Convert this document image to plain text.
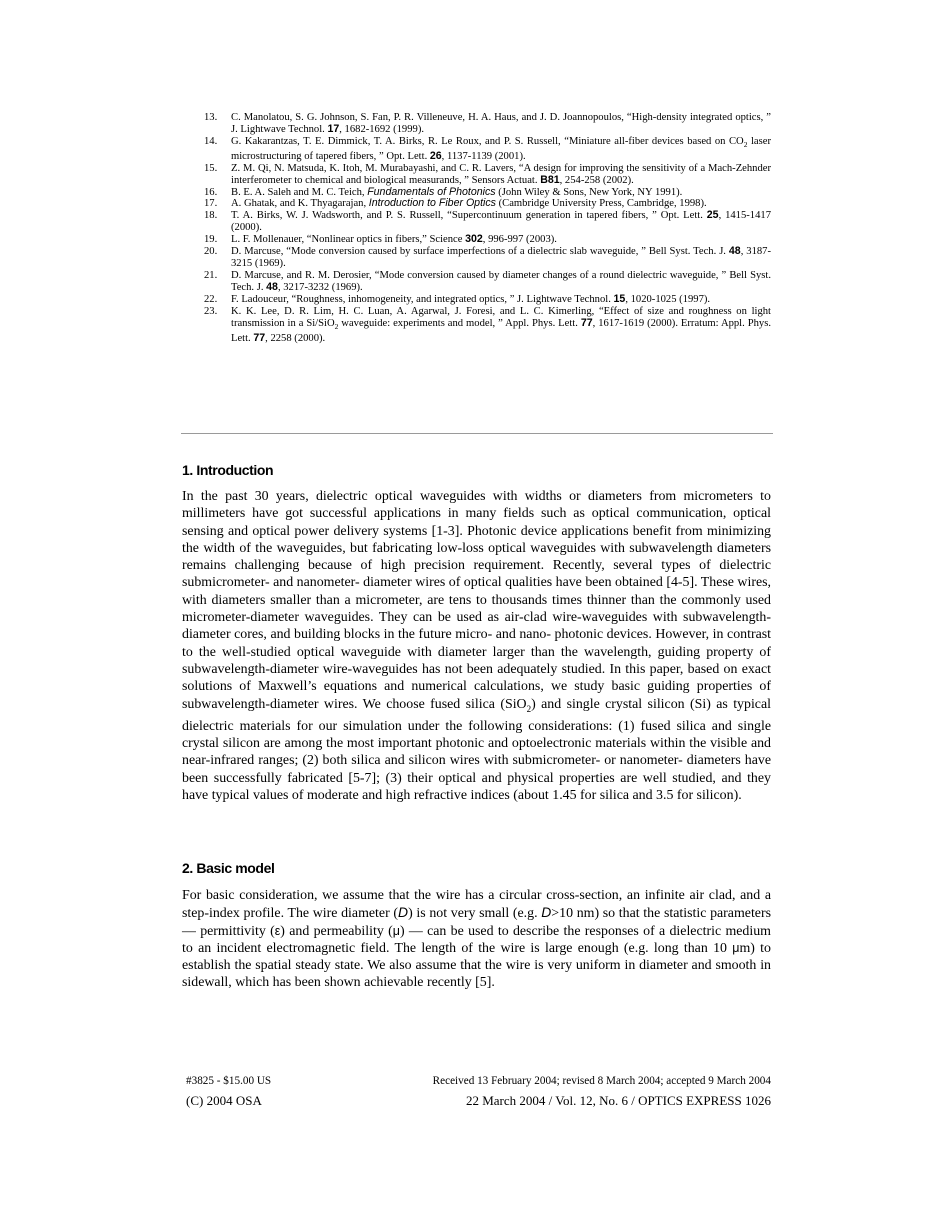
13.	C. Manolatou, S. G. Johnson, S. Fan, P. R. Villeneuve, H. A. Haus, and J. D. Joannopoulos, “High-density integrated optics, ” J. Lightwave Technol. 17, 1682-1692 (1999).
14.	G. Kakarantzas, T. E. Dimmick, T. A. Birks, R. Le Roux, and P. S. Russell, “Miniature all-fiber devices based on $CO_2$ laser microstructuring of tapered fibers, ” Opt. Lett. 26, 1137-1139 (2001).
15.	Z. M. Qi, N. Matsuda, K. Itoh, M. Murabayashi, and C. R. Lavers, “A design for improving the sensitivity of a Mach-Zehnder interferometer to chemical and biological measurands, ” Sensors Actuat. B81, 254-258 (2002).
16.	B. E. A. Saleh and M. C. Teich, Fundamentals of Photonics (John Wiley & Sons, New York, NY 1991).
17.	A. Ghatak, and K. Thyagarajan, Introduction to Fiber Optics (Cambridge University Press, Cambridge, 1998).
18.	T. A. Birks, W. J. Wadsworth, and P. S. Russell, “Supercontinuum generation in tapered fibers, ” Opt. Lett. 25, 1415-1417 (2000).
19.	L. F. Mollenauer, “Nonlinear optics in fibers,” Science 302, 996-997 (2003).
20.	D. Marcuse, “Mode conversion caused by surface imperfections of a dielectric slab waveguide, ” Bell Syst. Tech. J. 48, 3187-3215 (1969).
21.	D. Marcuse, and R. M. Derosier, “Mode conversion caused by diameter changes of a round dielectric waveguide, ” Bell Syst. Tech. J. 48, 3217-3232 (1969).
22.	F. Ladouceur, “Roughness, inhomogeneity, and integrated optics, ” J. Lightwave Technol. 15, 1020-1025 (1997).
23.	K. K. Lee, D. R. Lim, H. C. Luan, A. Agarwal, J. Foresi, and L. C. Kimerling, “Effect of size and roughness on light transmission in a Si/SiO$_2$ waveguide: experiments and model, ” Appl. Phys. Lett. 77, 1617-1619 (2000). Erratum: Appl. Phys. Lett. 77, 2258 (2000).
1. Introduction
In the past 30 years, dielectric optical waveguides with widths or diameters from micrometers to millimeters have got successful applications in many fields such as optical communication, optical sensing and optical power delivery systems [1-3]. Photonic device applications benefit from minimizing the width of the waveguides, but fabricating low-loss optical waveguides with subwavelength diameters remains challenging because of high precision requirement. Recently, several types of dielectric submicrometer- and nanometer- diameter wires of optical qualities have been obtained [4-5]. These wires, with diameters smaller than a micrometer, are tens to thousands times thinner than the commonly used micrometer-diameter waveguides. They can be used as air-clad wire-waveguides with subwavelength-diameter cores, and building blocks in the future micro- and nano- photonic devices. However, in contrast to the well-studied optical waveguide with diameter larger than the wavelength, guiding property of subwavelength-diameter wire-waveguides has not been adequately studied. In this paper, based on exact solutions of Maxwell’s equations and numerical calculations, we study basic guiding properties of subwavelength-diameter wires. We choose fused silica (SiO$_2$) and single crystal silicon (Si) as typical dielectric materials for our simulation under the following considerations: (1) fused silica and single crystal silicon are among the most important photonic and optoelectronic materials within the visible and near-infrared ranges; (2) both silica and silicon wires with submicrometer- or nanometer- diameters have been successfully fabricated [5-7]; (3) their optical and physical properties are well studied, and they have typical values of moderate and high refractive indices (about 1.45 for silica and 3.5 for silicon).
2. Basic model
For basic consideration, we assume that the wire has a circular cross-section, an infinite air clad, and a step-index profile. The wire diameter (D) is not very small (e.g. D>10 nm) so that the statistic parameters — permittivity (ε) and permeability (μ) — can be used to describe the responses of a dielectric medium to an incident electromagnetic field. The length of the wire is large enough (e.g. long than 10 μm) to establish the spatial steady state. We also assume that the wire is very uniform in diameter and smooth in sidewall, which has been shown achievable recently [5].
#3825 - $15.00 US
(C) 2004 OSA
Received 13 February 2004; revised 8 March 2004; accepted 9 March 2004
22 March 2004 / Vol. 12, No. 6 / OPTICS EXPRESS 1026
